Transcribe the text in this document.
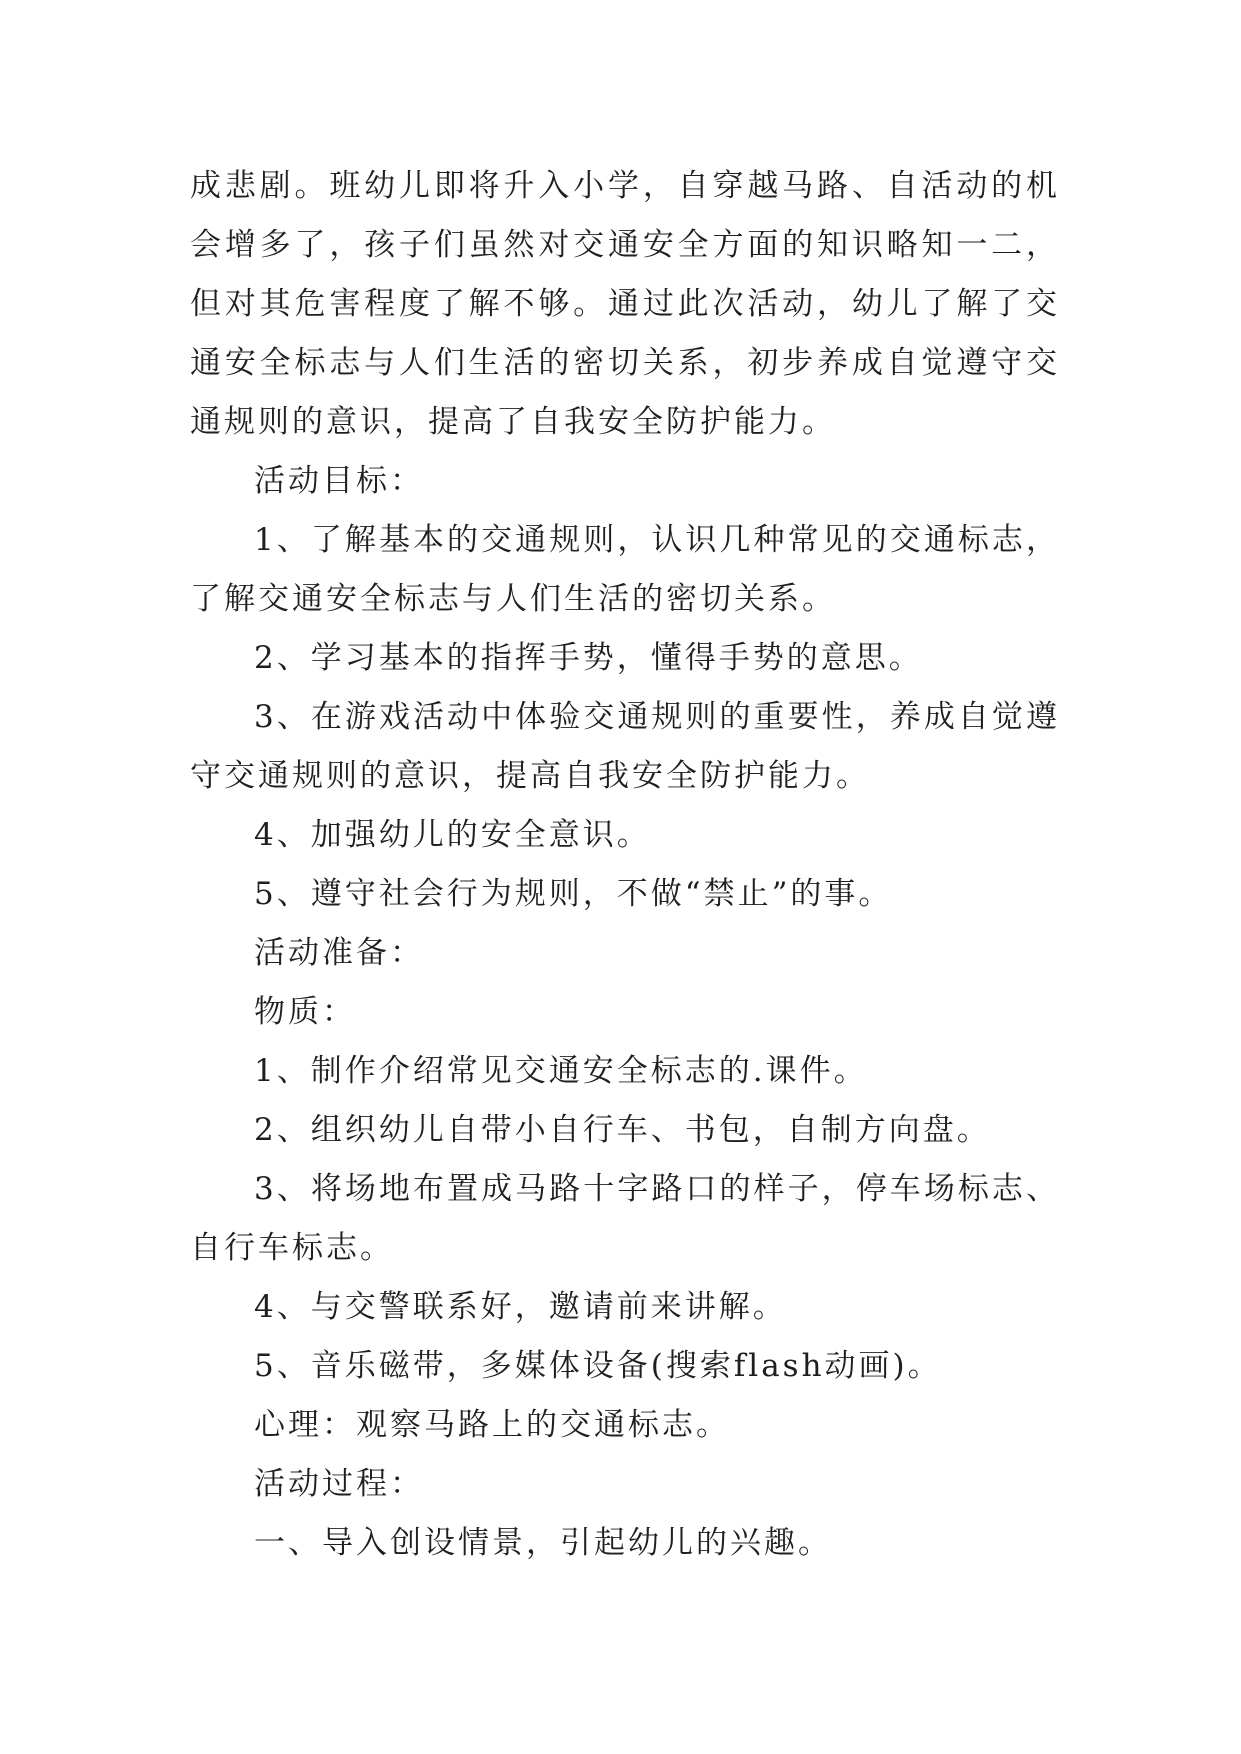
成悲剧。班幼儿即将升入小学，自穿越马路、自活动的机会增多了，孩子们虽然对交通安全方面的知识略知一二，但对其危害程度了解不够。通过此次活动，幼儿了解了交通安全标志与人们生活的密切关系，初步养成自觉遵守交通规则的意识，提高了自我安全防护能力。

活动目标：

1、了解基本的交通规则，认识几种常见的交通标志，了解交通安全标志与人们生活的密切关系。

2、学习基本的指挥手势，懂得手势的意思。

3、在游戏活动中体验交通规则的重要性，养成自觉遵守交通规则的意识，提高自我安全防护能力。

4、加强幼儿的安全意识。

5、遵守社会行为规则，不做“禁止”的事。

活动准备：

物质：

1、制作介绍常见交通安全标志的.课件。

2、组织幼儿自带小自行车、书包，自制方向盘。

3、将场地布置成马路十字路口的样子，停车场标志、自行车标志。

4、与交警联系好，邀请前来讲解。

5、音乐磁带，多媒体设备(搜索flash动画)。

心理：观察马路上的交通标志。

活动过程：

一、导入创设情景，引起幼儿的兴趣。
